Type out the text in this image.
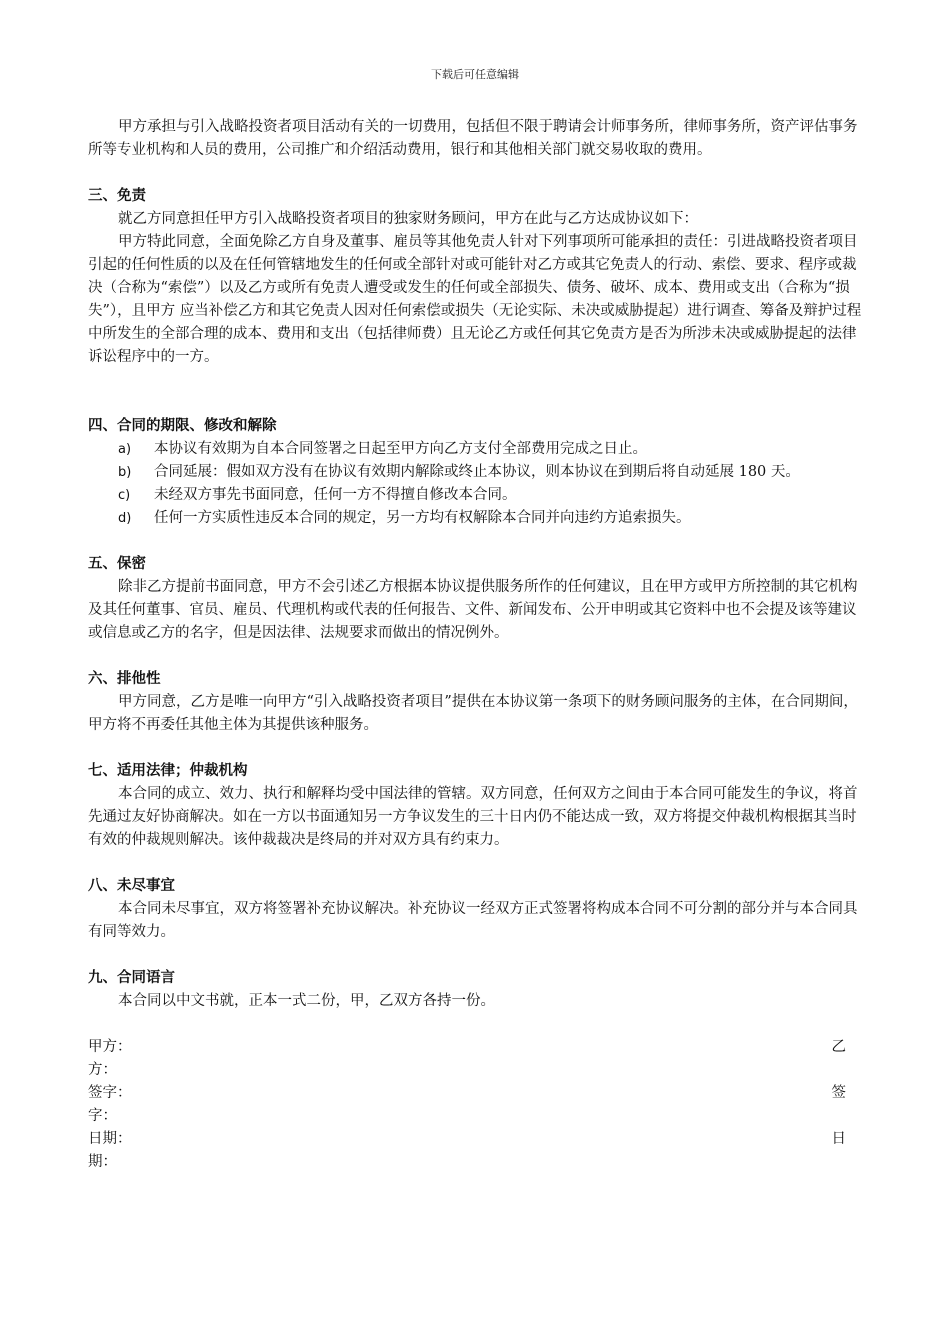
下载后可任意编辑

甲方承担与引入战略投资者项目活动有关的一切费用，包括但不限于聘请会计师事务所，律师事务所，资产评估事务所等专业机构和人员的费用，公司推广和介绍活动费用，银行和其他相关部门就交易收取的费用。

三、免责

就乙方同意担任甲方引入战略投资者项目的独家财务顾问，甲方在此与乙方达成协议如下：

甲方特此同意，全面免除乙方自身及董事、雇员等其他免责人针对下列事项所可能承担的责任：引进战略投资者项目引起的任何性质的以及在任何管辖地发生的任何或全部针对或可能针对乙方或其它免责人的行动、索偿、要求、程序或裁决（合称为“索偿”）以及乙方或所有免责人遭受或发生的任何或全部损失、债务、破坏、成本、费用或支出（合称为“损失”），且甲方 应当补偿乙方和其它免责人因对任何索偿或损失（无论实际、未决或威胁提起）进行调查、筹备及辩护过程中所发生的全部合理的成本、费用和支出（包括律师费）且无论乙方或任何其它免责方是否为所涉未决或威胁提起的法律诉讼程序中的一方。

四、合同的期限、修改和解除

a)	本协议有效期为自本合同签署之日起至甲方向乙方支付全部费用完成之日止。
b)	合同延展：假如双方没有在协议有效期内解除或终止本协议，则本协议在到期后将自动延展 180 天。
c)	未经双方事先书面同意，任何一方不得擅自修改本合同。
d)	任何一方实质性违反本合同的规定，另一方均有权解除本合同并向违约方追索损失。

五、保密

除非乙方提前书面同意，甲方不会引述乙方根据本协议提供服务所作的任何建议，且在甲方或甲方所控制的其它机构及其任何董事、官员、雇员、代理机构或代表的任何报告、文件、新闻发布、公开申明或其它资料中也不会提及该等建议或信息或乙方的名字，但是因法律、法规要求而做出的情况例外。

六、排他性

甲方同意，乙方是唯一向甲方“引入战略投资者项目”提供在本协议第一条项下的财务顾问服务的主体，在合同期间，甲方将不再委任其他主体为其提供该种服务。

七、适用法律；仲裁机构

本合同的成立、效力、执行和解释均受中国法律的管辖。双方同意，任何双方之间由于本合同可能发生的争议，将首先通过友好协商解决。如在一方以书面通知另一方争议发生的三十日内仍不能达成一致，双方将提交仲裁机构根据其当时有效的仲裁规则解决。该仲裁裁决是终局的并对双方具有约束力。

八、未尽事宜

本合同未尽事宜，双方将签署补充协议解决。补充协议一经双方正式签署将构成本合同不可分割的部分并与本合同具有同等效力。

九、合同语言

本合同以中文书就，正本一式二份，甲，乙双方各持一份。

甲方：	乙
方：
签字：	签
字：
日期：	日
期：
